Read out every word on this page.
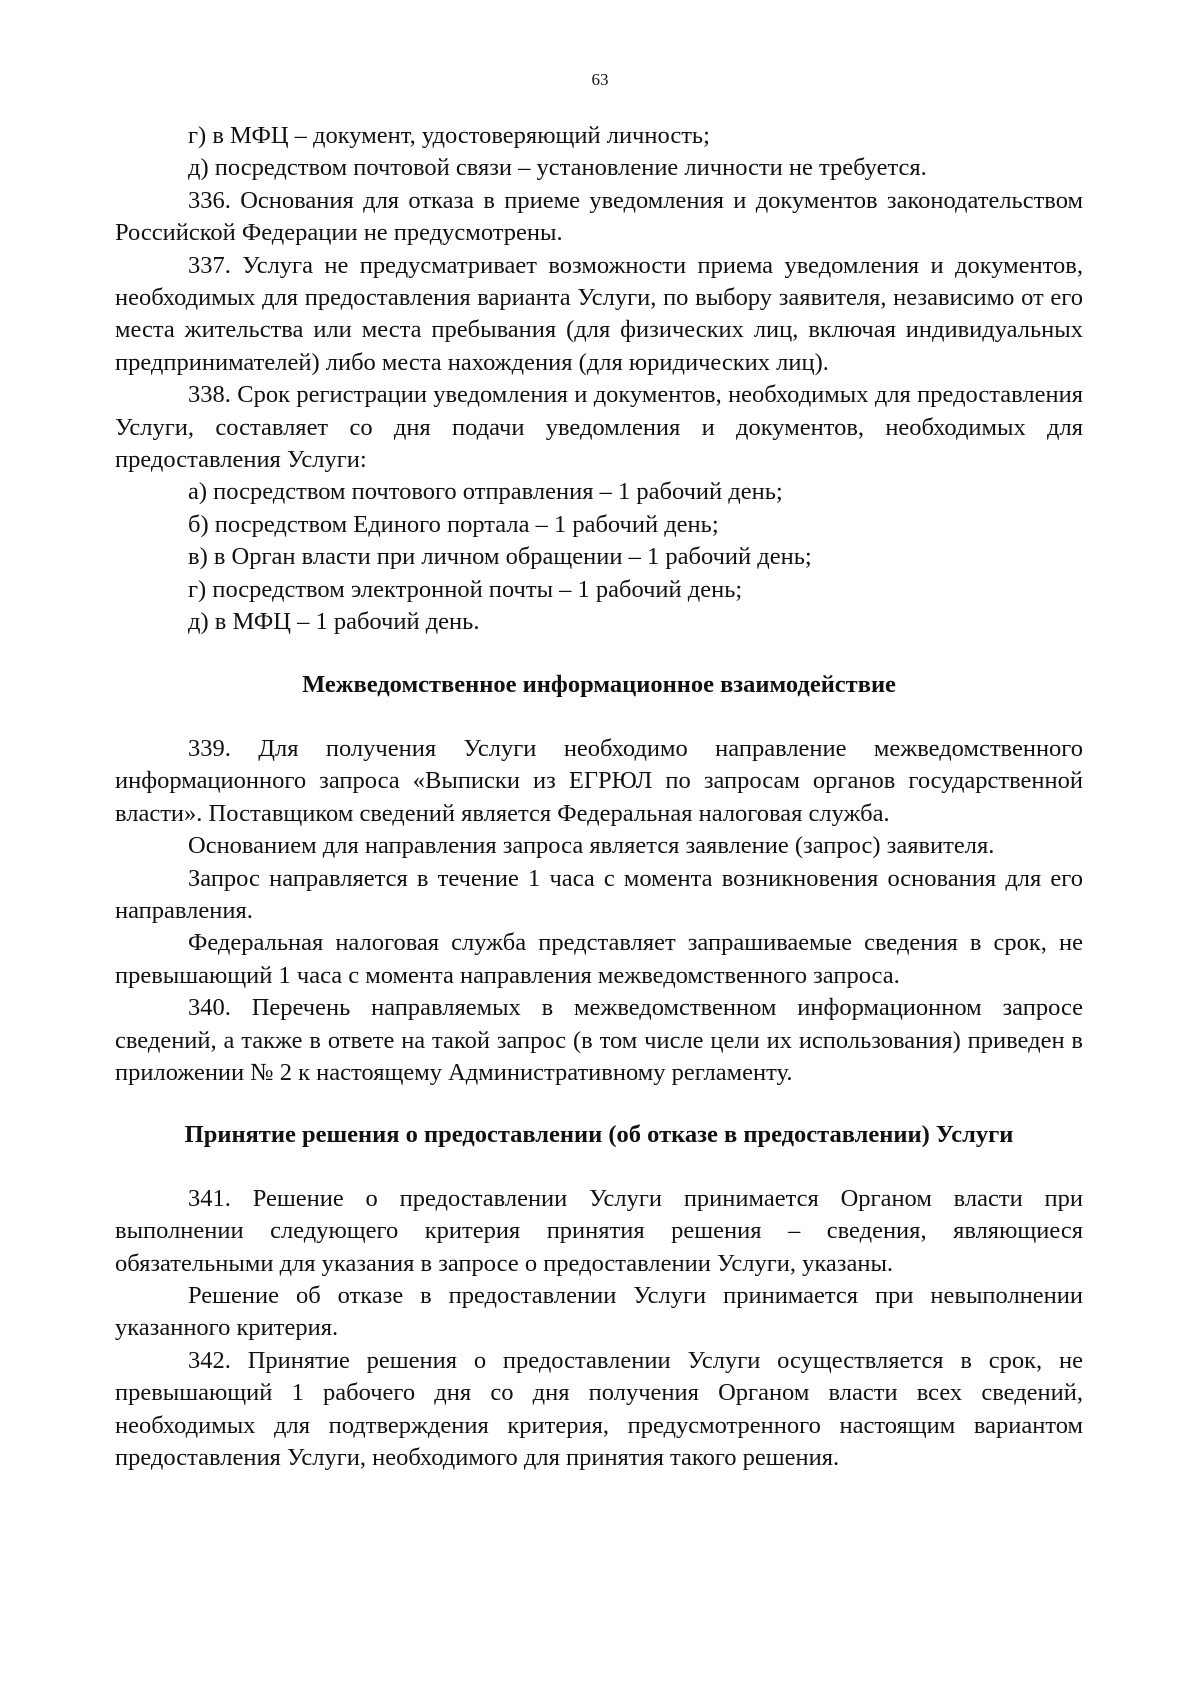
63

г) в МФЦ – документ, удостоверяющий личность;

д) посредством почтовой связи – установление личности не требуется.

336. Основания для отказа в приеме уведомления и документов законодательством Российской Федерации не предусмотрены.

337. Услуга не предусматривает возможности приема уведомления и документов, необходимых для предоставления варианта Услуги, по выбору заявителя, независимо от его места жительства или места пребывания (для физических лиц, включая индивидуальных предпринимателей) либо места нахождения (для юридических лиц).

338. Срок регистрации уведомления и документов, необходимых для предоставления Услуги, составляет со дня подачи уведомления и документов, необходимых для предоставления Услуги:

а) посредством почтового отправления – 1 рабочий день;

б) посредством Единого портала – 1 рабочий день;

в) в Орган власти при личном обращении – 1 рабочий день;

г) посредством электронной почты – 1 рабочий день;

д) в МФЦ – 1 рабочий день.

Межведомственное информационное взаимодействие

339. Для получения Услуги необходимо направление межведомственного информационного запроса «Выписки из ЕГРЮЛ по запросам органов государственной власти». Поставщиком сведений является Федеральная налоговая служба.

Основанием для направления запроса является заявление (запрос) заявителя.

Запрос направляется в течение 1 часа с момента возникновения основания для его направления.

Федеральная налоговая служба представляет запрашиваемые сведения в срок, не превышающий 1 часа с момента направления межведомственного запроса.

340. Перечень направляемых в межведомственном информационном запросе сведений, а также в ответе на такой запрос (в том числе цели их использования) приведен в приложении № 2 к настоящему Административному регламенту.

Принятие решения о предоставлении (об отказе в предоставлении) Услуги

341. Решение о предоставлении Услуги принимается Органом власти при выполнении следующего критерия принятия решения – сведения, являющиеся обязательными для указания в запросе о предоставлении Услуги, указаны.

Решение об отказе в предоставлении Услуги принимается при невыполнении указанного критерия.

342. Принятие решения о предоставлении Услуги осуществляется в срок, не превышающий 1 рабочего дня со дня получения Органом власти всех сведений, необходимых для подтверждения критерия, предусмотренного настоящим вариантом предоставления Услуги, необходимого для принятия такого решения.
